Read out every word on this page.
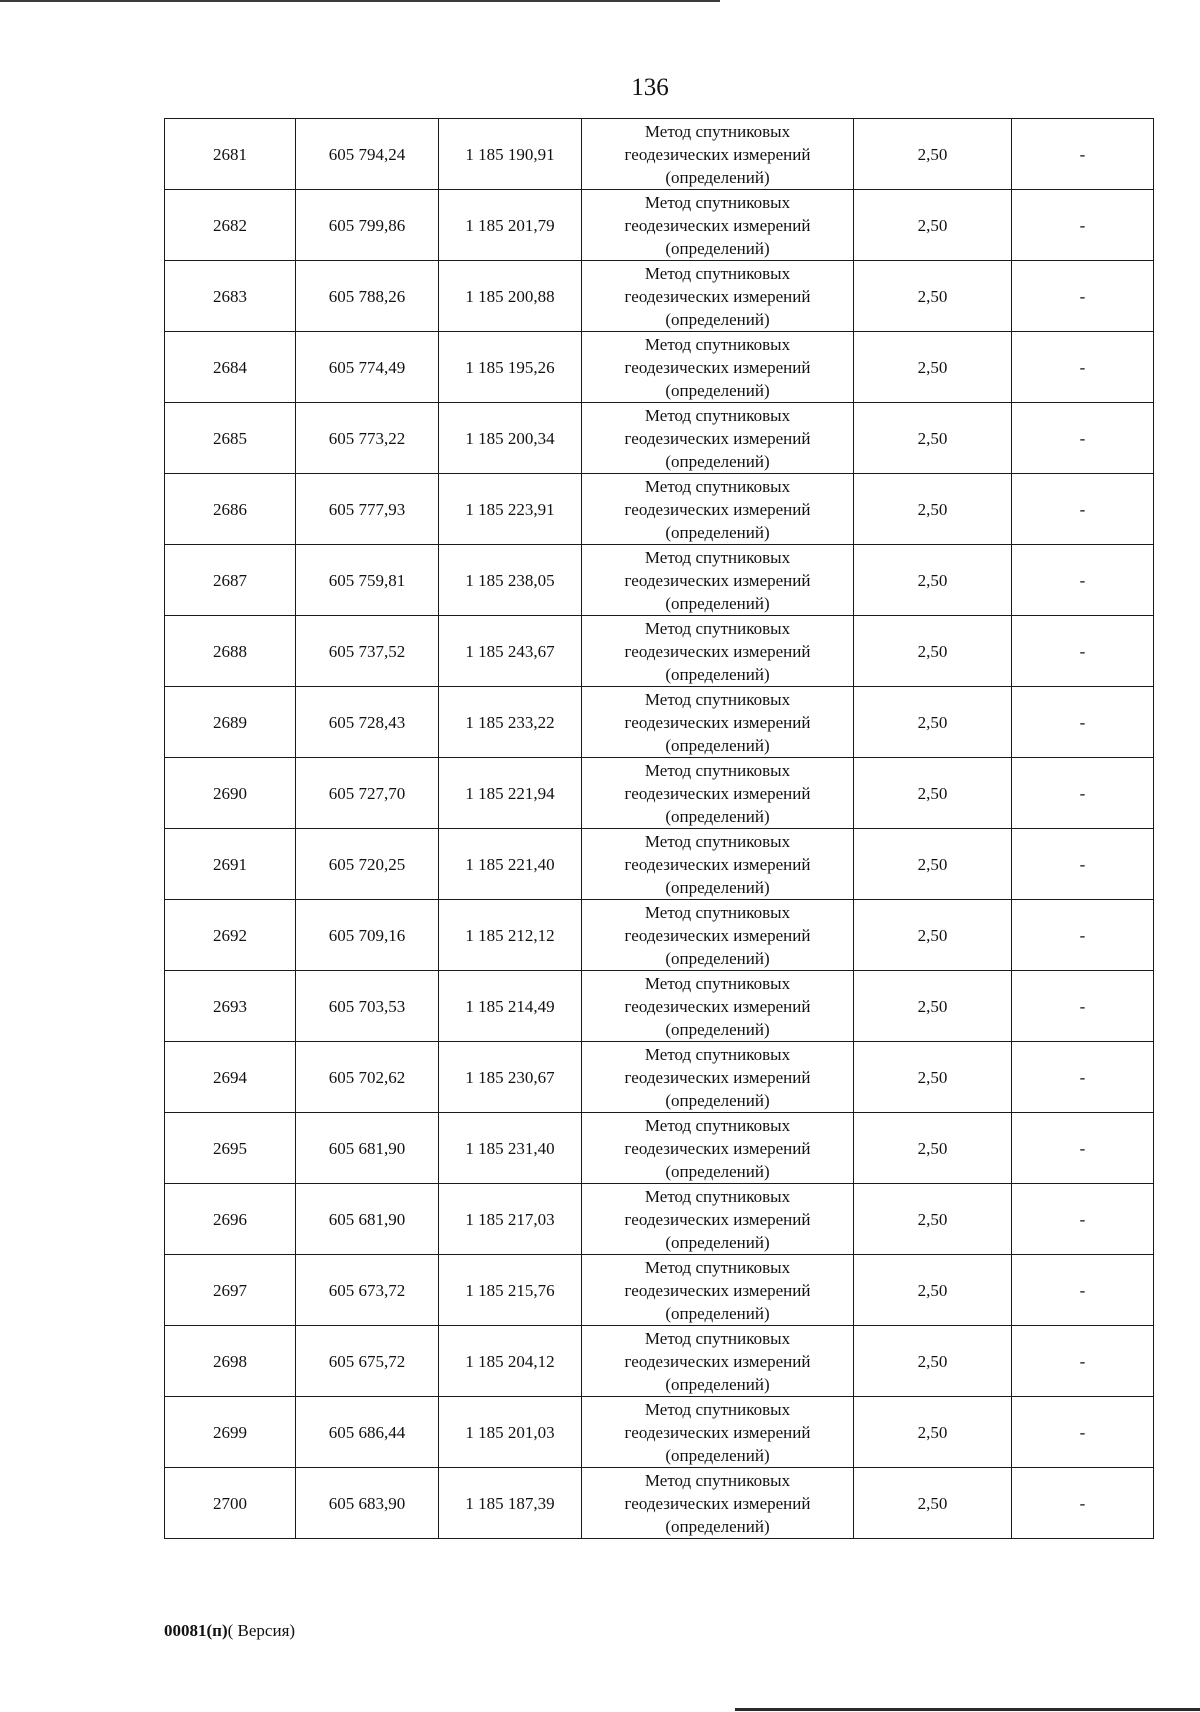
136
2681	605 794,24	1 185 190,91	Метод спутниковых
геодезических измерений
(определений)	2,50	-
2682	605 799,86	1 185 201,79	Метод спутниковых
геодезических измерений
(определений)	2,50	-
2683	605 788,26	1 185 200,88	Метод спутниковых
геодезических измерений
(определений)	2,50	-
2684	605 774,49	1 185 195,26	Метод спутниковых
геодезических измерений
(определений)	2,50	-
2685	605 773,22	1 185 200,34	Метод спутниковых
геодезических измерений
(определений)	2,50	-
2686	605 777,93	1 185 223,91	Метод спутниковых
геодезических измерений
(определений)	2,50	-
2687	605 759,81	1 185 238,05	Метод спутниковых
геодезических измерений
(определений)	2,50	-
2688	605 737,52	1 185 243,67	Метод спутниковых
геодезических измерений
(определений)	2,50	-
2689	605 728,43	1 185 233,22	Метод спутниковых
геодезических измерений
(определений)	2,50	-
2690	605 727,70	1 185 221,94	Метод спутниковых
геодезических измерений
(определений)	2,50	-
2691	605 720,25	1 185 221,40	Метод спутниковых
геодезических измерений
(определений)	2,50	-
2692	605 709,16	1 185 212,12	Метод спутниковых
геодезических измерений
(определений)	2,50	-
2693	605 703,53	1 185 214,49	Метод спутниковых
геодезических измерений
(определений)	2,50	-
2694	605 702,62	1 185 230,67	Метод спутниковых
геодезических измерений
(определений)	2,50	-
2695	605 681,90	1 185 231,40	Метод спутниковых
геодезических измерений
(определений)	2,50	-
2696	605 681,90	1 185 217,03	Метод спутниковых
геодезических измерений
(определений)	2,50	-
2697	605 673,72	1 185 215,76	Метод спутниковых
геодезических измерений
(определений)	2,50	-
2698	605 675,72	1 185 204,12	Метод спутниковых
геодезических измерений
(определений)	2,50	-
2699	605 686,44	1 185 201,03	Метод спутниковых
геодезических измерений
(определений)	2,50	-
2700	605 683,90	1 185 187,39	Метод спутниковых
геодезических измерений
(определений)	2,50	-
00081(п)( Версия)
